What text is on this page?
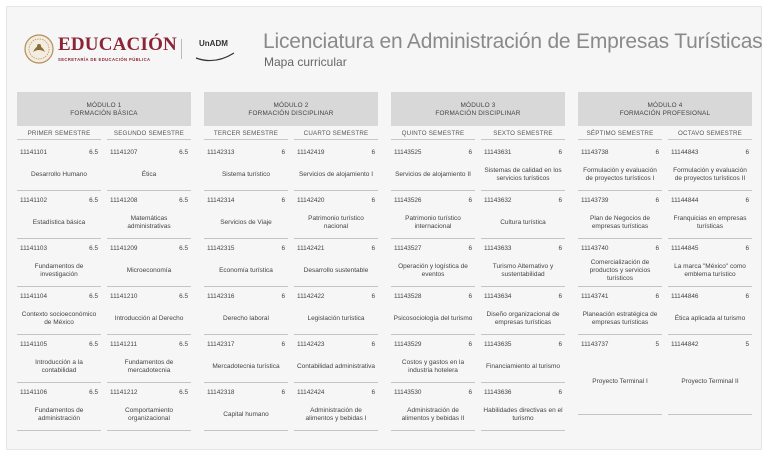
EDUCACIÓN
SECRETARÍA DE EDUCACIÓN PÚBLICA
UnADM Licenciatura en Administración de Empresas Turísticas
Mapa curricular
MÓDULO 1
FORMACIÓN BÁSICA
PRIMER SEMESTRE	SEGUNDO SEMESTRE
11141101	6.5
Desarrollo Humano
11141102	6.5
Estadística básica
11141103	6.5
Fundamentos de investigación
11141104	6.5
Contexto socioeconómico de México
11141105	6.5
Introducción a la contabilidad
11141106	6.5
Fundamentos de administración
11141207	6.5
Ética
11141208	6.5
Matemáticas administrativas
11141209	6.5
Microeconomía
11141210	6.5
Introducción al Derecho
11141211	6.5
Fundamentos de mercadotecnia
11141212	6.5
Comportamiento organizacional
MÓDULO 2
FORMACIÓN DISCIPLINAR
TERCER SEMESTRE	CUARTO SEMESTRE
11142313	6
Sistema turístico
11142314	6
Servicios de Viaje
11142315	6
Economía turística
11142316	6
Derecho laboral
11142317	6
Mercadotecnia turística
11142318	6
Capital humano
11142419	6
Servicios de alojamiento I
11142420	6
Patrimonio turístico nacional
11142421	6
Desarrollo sustentable
11142422	6
Legislación turística
11142423	6
Contabilidad administrativa
11142424	6
Administración de alimentos y bebidas I
MÓDULO 3
FORMACIÓN DISCIPLINAR
QUINTO SEMESTRE	SEXTO SEMESTRE
11143525	6
Servicios de alojamiento II
11143526	6
Patrimonio turístico internacional
11143527	6
Operación y logística de eventos
11143528	6
Psicosociología del turismo
11143529	6
Costos y gastos en la industria hotelera
11143530	6
Administración de alimentos y bebidas II
11143631	6
Sistemas de calidad en los servicios turísticos
11143632	6
Cultura turística
11143633	6
Turismo Alternativo y sustentabilidad
11143634	6
Diseño organizacional de empresas turísticas
11143635	6
Financiamiento al turismo
11143636	6
Habilidades directivas en el turismo
MÓDULO 4
FORMACIÓN PROFESIONAL
SÉPTIMO SEMESTRE	OCTAVO SEMESTRE
11143738	6
Formulación y evaluación de proyectos turísticos I
11143739	6
Plan de Negocios de empresas turísticas
11143740	6
Comercialización de productos y servicios turísticos
11143741	6
Planeación estratégica de empresas turísticas
11143737	5
Proyecto Terminal I
11144843	6
Formulación y evaluación de proyectos turísticos II
11144844	6
Franquicias en empresas turísticas
11144845	6
La marca "México" como emblema turístico
11144846	6
Ética aplicada al turismo
11144842	5
Proyecto Terminal II
